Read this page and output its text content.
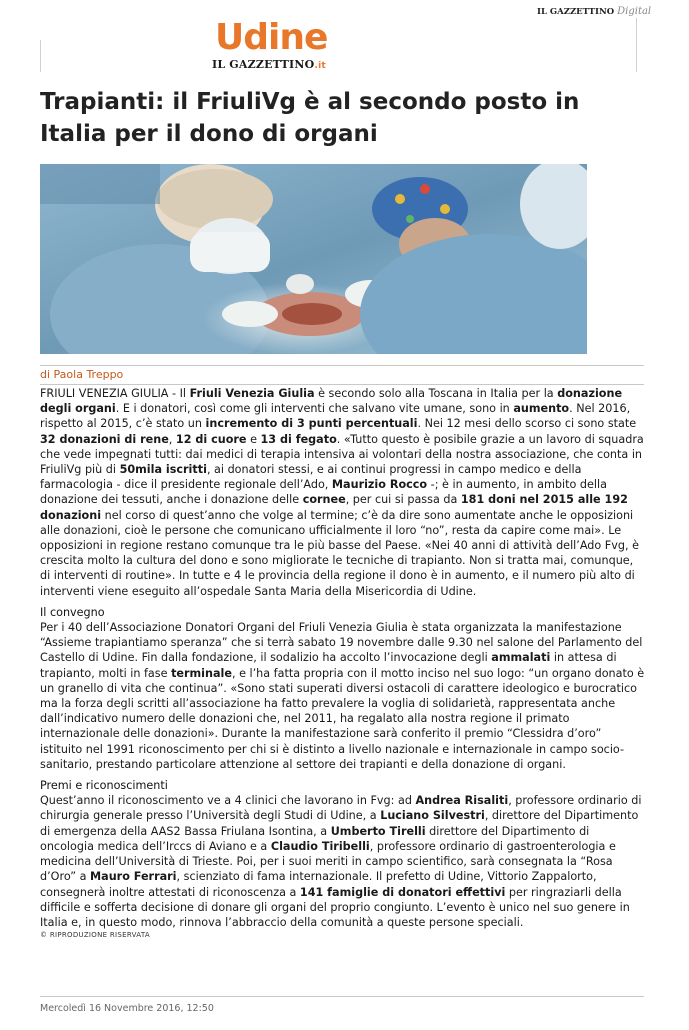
Udine
IL GAZZETTINO.it
IL GAZZETTINO Digital
Trapianti: il FriuliVg è al secondo posto in Italia per il dono di organi
di Paola Treppo

FRIULI VENEZIA GIULIA - Il Friuli Venezia Giulia è secondo solo alla Toscana in Italia per la donazione degli organi. E i donatori, così come gli interventi che salvano vite umane, sono in aumento. Nel 2016, rispetto al 2015, c’è stato un incremento di 3 punti percentuali. Nei 12 mesi dello scorso ci sono state 32 donazioni di rene, 12 di cuore e 13 di fegato. «Tutto questo è posibile grazie a un lavoro di squadra che vede impegnati tutti: dai medici di terapia intensiva ai volontari della nostra associazione, che conta in FriuliVg più di 50mila iscritti, ai donatori stessi, e ai continui progressi in campo medico e della farmacologia - dice il presidente regionale dell’Ado, Maurizio Rocco -; è in aumento, in ambito della donazione dei tessuti, anche i donazione delle cornee, per cui si passa da 181 doni nel 2015 alle 192 donazioni nel corso di quest’anno che volge al termine; c’è da dire sono aumentate anche le opposizioni alle donazioni, cioè le persone che comunicano ufficialmente il loro “no”, resta da capire come mai». Le opposizioni in regione restano comunque tra le più basse del Paese. «Nei 40 anni di attività dell’Ado Fvg, è crescita molto la cultura del dono e sono migliorate le tecniche di trapianto. Non si tratta mai, comunque, di interventi di routine». In tutte e 4 le provincia della regione il dono è in aumento, e il numero più alto di interventi viene eseguito all’ospedale Santa Maria della Misericordia di Udine.

Il convegno

Per i 40 dell’Associazione Donatori Organi del Friuli Venezia Giulia è stata organizzata la manifestazione “Assieme trapiantiamo speranza” che si terrà sabato 19 novembre dalle 9.30 nel salone del Parlamento del Castello di Udine. Fin dalla fondazione, il sodalizio ha accolto l’invocazione degli ammalati in attesa di trapianto, molti in fase terminale, e l’ha fatta propria con il motto inciso nel suo logo: “un organo donato è un granello di vita che continua”. «Sono stati superati diversi ostacoli di carattere ideologico e burocratico ma la forza degli scritti all’associazione ha fatto prevalere la voglia di solidarietà, rappresentata anche dall’indicativo numero delle donazioni che, nel 2011, ha regalato alla nostra regione il primato internazionale delle donazioni». Durante la manifestazione sarà conferito il premio “Clessidra d’oro” istituito nel 1991 riconoscimento per chi si è distinto a livello nazionale e internazionale in campo socio-sanitario, prestando particolare attenzione al settore dei trapianti e della donazione di organi.

Premi e riconoscimenti

Quest’anno il riconoscimento ve a 4 clinici che lavorano in Fvg: ad Andrea Risaliti, professore ordinario di chirurgia generale presso l’Università degli Studi di Udine, a Luciano Silvestri, direttore del Dipartimento di emergenza della AAS2 Bassa Friulana Isontina, a Umberto Tirelli direttore del Dipartimento di oncologia medica dell’Irccs di Aviano e a Claudio Tiribelli, professore ordinario di gastroenterologia e medicina dell’Università di Trieste. Poi, per i suoi meriti in campo scientifico, sarà consegnata la “Rosa d’Oro” a Mauro Ferrari, scienziato di fama internazionale. Il prefetto di Udine, Vittorio Zappalorto, consegnerà inoltre attestati di riconoscenza a 141 famiglie di donatori effettivi per ringraziarli della difficile e sofferta decisione di donare gli organi del proprio congiunto. L’evento è unico nel suo genere in Italia e, in questo modo, rinnova l’abbraccio della comunità a queste persone speciali.

© RIPRODUZIONE RISERVATA
Mercoledì 16 Novembre 2016, 12:50
